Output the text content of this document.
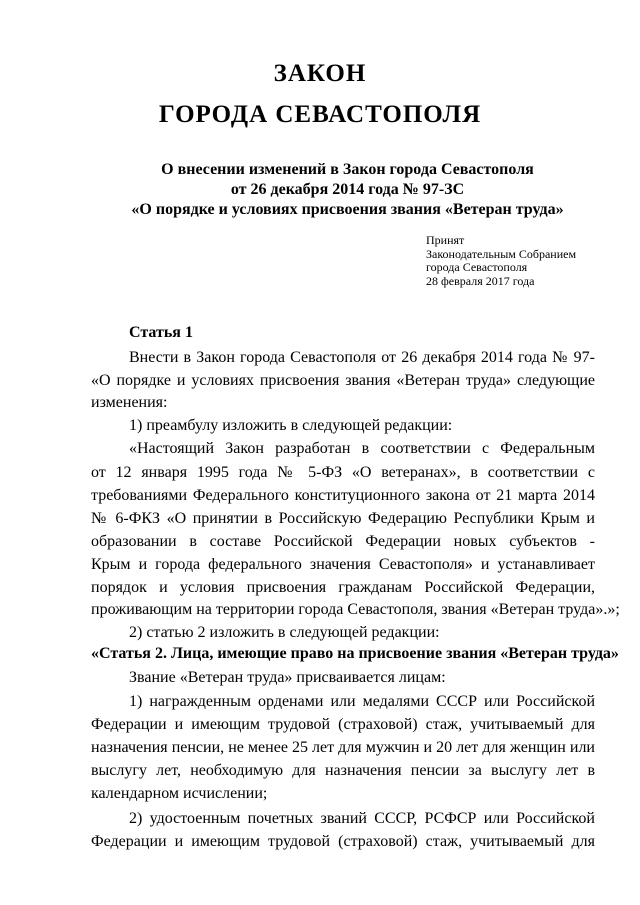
ЗАКОН
ГОРОДА СЕВАСТОПОЛЯ
О внесении изменений в Закон города Севастополя
от 26 декабря 2014 года № 97-ЗС
«О порядке и условиях присвоения звания «Ветеран труда»
Принят
Законодательным Собранием
города Севастополя
28 февраля 2017 года
Статья 1
Внести в Закон города Севастополя от 26 декабря 2014 года № 97-
«О порядке и условиях присвоения звания «Ветеран труда» следующие
изменения:
1) преамбулу изложить в следующей редакции:
«Настоящий Закон разработан в соответствии с Федеральным
от 12 января 1995 года № 5-ФЗ «О ветеранах», в соответствии с
требованиями Федерального конституционного закона от 21 марта 2014
№ 6-ФКЗ «О принятии в Российскую Федерацию Республики Крым и
образовании в составе Российской Федерации новых субъектов -
Крым и города федерального значения Севастополя» и устанавливает
порядок и условия присвоения гражданам Российской Федерации,
проживающим на территории города Севастополя, звания «Ветеран труда».»;
2) статью 2 изложить в следующей редакции:
«Статья 2. Лица, имеющие право на присвоение звания «Ветеран труда»
Звание «Ветеран труда» присваивается лицам:
1) награжденным орденами или медалями СССР или Российской
Федерации и имеющим трудовой (страховой) стаж, учитываемый для
назначения пенсии, не менее 25 лет для мужчин и 20 лет для женщин или
выслугу лет, необходимую для назначения пенсии за выслугу лет в
календарном исчислении;
2) удостоенным почетных званий СССР, РСФСР или Российской
Федерации и имеющим трудовой (страховой) стаж, учитываемый для
